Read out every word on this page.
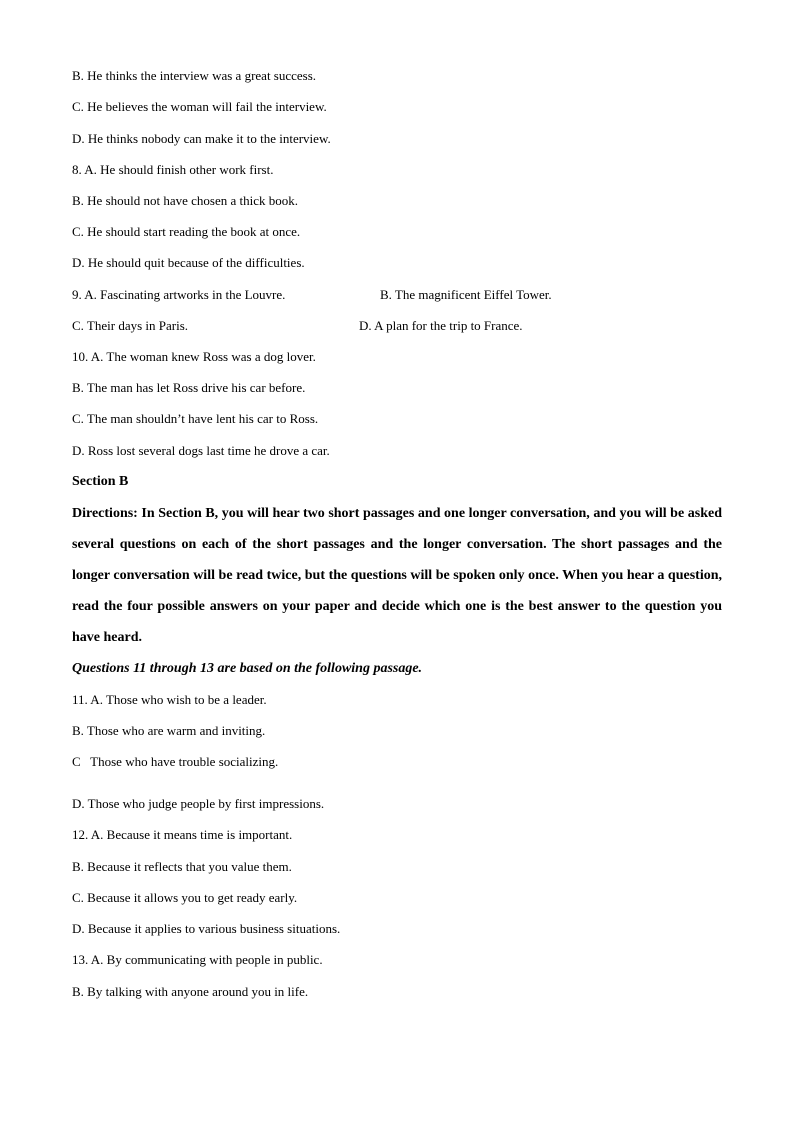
B. He thinks the interview was a great success.
C. He believes the woman will fail the interview.
D. He thinks nobody can make it to the interview.
8. A. He should finish other work first.
B. He should not have chosen a thick book.
C. He should start reading the book at once.
D. He should quit because of the difficulties.
9. A. Fascinating artworks in the Louvre.	B. The magnificent Eiffel Tower.
C. Their days in Paris.	D. A plan for the trip to France.
10. A. The woman knew Ross was a dog lover.
B. The man has let Ross drive his car before.
C. The man shouldn’t have lent his car to Ross.
D. Ross lost several dogs last time he drove a car.
Section B
Directions: In Section B, you will hear two short passages and one longer conversation, and you will be asked several questions on each of the short passages and the longer conversation. The short passages and the longer conversation will be read twice, but the questions will be spoken only once. When you hear a question, read the four possible answers on your paper and decide which one is the best answer to the question you have heard.
Questions 11 through 13 are based on the following passage.
11. A. Those who wish to be a leader.
B. Those who are warm and inviting.
C   Those who have trouble socializing.
D. Those who judge people by first impressions.
12. A. Because it means time is important.
B. Because it reflects that you value them.
C. Because it allows you to get ready early.
D. Because it applies to various business situations.
13. A. By communicating with people in public.
B. By talking with anyone around you in life.
